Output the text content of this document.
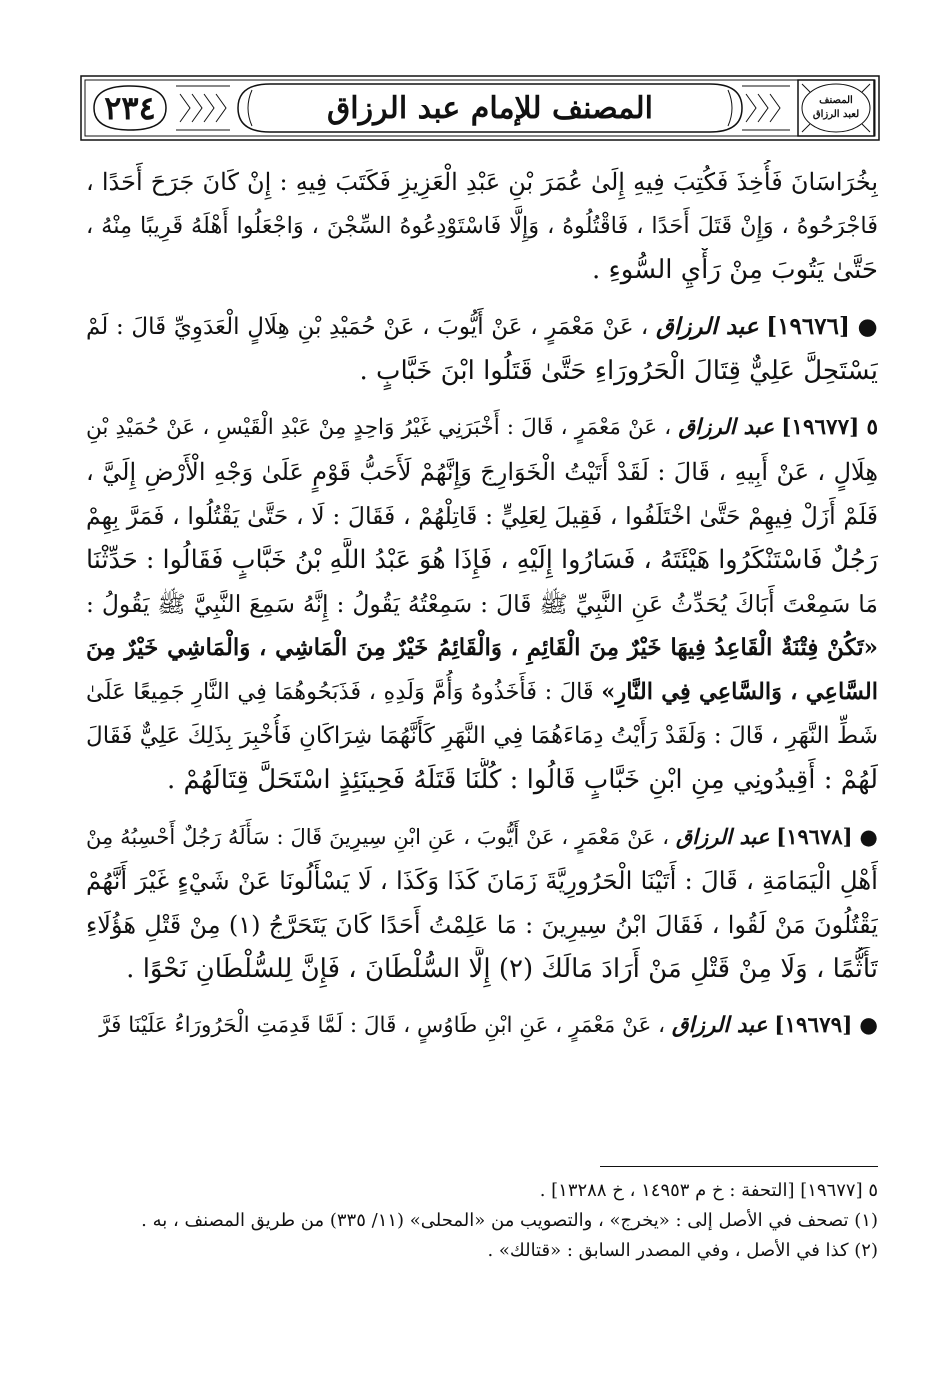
٢٣٤	المصنف للإمام عبد الرزاق	المصنف
لعبد الرزاق
بِخُرَاسَانَ فَأُخِذَ فَكُتِبَ فِيهِ إِلَىٰ عُمَرَ بْنِ عَبْدِ الْعَزِيزِ فَكَتَبَ فِيهِ : إِنْ كَانَ جَرَحَ أَحَدًا ،
فَاجْرَحُوهُ ، وَإِنْ قَتَلَ أَحَدًا ، فَاقْتُلُوهُ ، وَإِلَّا فَاسْتَوْدِعُوهُ السِّجْنَ ، وَاجْعَلُوا أَهْلَهُ قَرِيبًا مِنْهُ ،
حَتَّىٰ يَتُوبَ مِنْ رَأْيِ السُّوءِ .
● [١٩٦٧٦] عبد الرزاق ، عَنْ مَعْمَرٍ ، عَنْ أَيُّوبَ ، عَنْ حُمَيْدِ بْنِ هِلَالٍ الْعَدَوِيِّ قَالَ : لَمْ
يَسْتَحِلَّ عَلِيٌّ قِتَالَ الْحَرُورَاءِ حَتَّىٰ قَتَلُوا ابْنَ خَبَّابٍ .
٥ [١٩٦٧٧] عبد الرزاق ، عَنْ مَعْمَرٍ ، قَالَ : أَخْبَرَنِي غَيْرُ وَاحِدٍ مِنْ عَبْدِ الْقَيْسِ ، عَنْ حُمَيْدِ بْنِ
هِلَالٍ ، عَنْ أَبِيهِ ، قَالَ : لَقَدْ أَتَيْتُ الْخَوَارِجَ وَإِنَّهُمْ لَأَحَبُّ قَوْمٍ عَلَىٰ وَجْهِ الْأَرْضِ إِلَيَّ ،
فَلَمْ أَزَلْ فِيهِمْ حَتَّىٰ اخْتَلَفُوا ، فَقِيلَ لِعَلِيٍّ : قَاتِلْهُمْ ، فَقَالَ : لَا ، حَتَّىٰ يَقْتُلُوا ، فَمَرَّ بِهِمْ
رَجُلٌ فَاسْتَنْكَرُوا هَيْئَتَهُ ، فَسَارُوا إِلَيْهِ ، فَإِذَا هُوَ عَبْدُ اللَّهِ بْنُ خَبَّابٍ فَقَالُوا : حَدِّثْنَا
مَا سَمِعْتَ أَبَاكَ يُحَدِّثُ عَنِ النَّبِيِّ ﷺ قَالَ : سَمِعْتُهُ يَقُولُ : إِنَّهُ سَمِعَ النَّبِيَّ ﷺ يَقُولُ :
«تَكُنْ فِتْنَةٌ الْقَاعِدُ فِيهَا خَيْرٌ مِنَ الْقَائِمِ ، وَالْقَائِمُ خَيْرٌ مِنَ الْمَاشِي ، وَالْمَاشِي خَيْرٌ مِنَ
السَّاعِي ، وَالسَّاعِي فِي النَّارِ» قَالَ : فَأَخَذُوهُ وَأُمَّ وَلَدِهِ ، فَذَبَحُوهُمَا فِي النَّارِ جَمِيعًا عَلَىٰ
شَطِّ النَّهَرِ ، قَالَ : وَلَقَدْ رَأَيْتُ دِمَاءَهُمَا فِي النَّهَرِ كَأَنَّهُمَا شِرَاكَانِ فَأُخْبِرَ بِذَلِكَ عَلِيٌّ فَقَالَ
لَهُمْ : أَقِيدُونِي مِنِ ابْنِ خَبَّابٍ قَالُوا : كُلُّنَا قَتَلَهُ فَحِينَئِذٍ اسْتَحَلَّ قِتَالَهُمْ .
● [١٩٦٧٨] عبد الرزاق ، عَنْ مَعْمَرٍ ، عَنْ أَيُّوبَ ، عَنِ ابْنِ سِيرِينَ قَالَ : سَأَلَهُ رَجُلٌ أَحْسِبُهُ مِنْ
أَهْلِ الْيَمَامَةِ ، قَالَ : أَتَيْنَا الْحَرُورِيَّةَ زَمَانَ كَذَا وَكَذَا ، لَا يَسْأَلُونَا عَنْ شَيْءٍ غَيْرَ أَنَّهُمْ
يَقْتُلُونَ مَنْ لَقُوا ، فَقَالَ ابْنُ سِيرِينَ : مَا عَلِمْتُ أَحَدًا كَانَ يَتَحَرَّجُ (١) مِنْ قَتْلِ هَؤُلَاءِ
تَأَثُّمًا ، وَلَا مِنْ قَتْلِ مَنْ أَرَادَ مَالَكَ (٢) إِلَّا السُّلْطَانَ ، فَإِنَّ لِلسُّلْطَانِ نَحْوًا .
● [١٩٦٧٩] عبد الرزاق ، عَنْ مَعْمَرٍ ، عَنِ ابْنِ طَاوُسٍ ، قَالَ : لَمَّا قَدِمَتِ الْحَرُورَاءُ عَلَيْنَا فَرَّ
٥ [١٩٦٧٧] [التحفة : خ م ١٤٩٥٣ ، خ ١٣٢٨٨] .
(١) تصحف في الأصل إلى : «يخرج» ، والتصويب من «المحلى» (١١/ ٣٣٥) من طريق المصنف ، به .
(٢) كذا في الأصل ، وفي المصدر السابق : «قتالك» .
